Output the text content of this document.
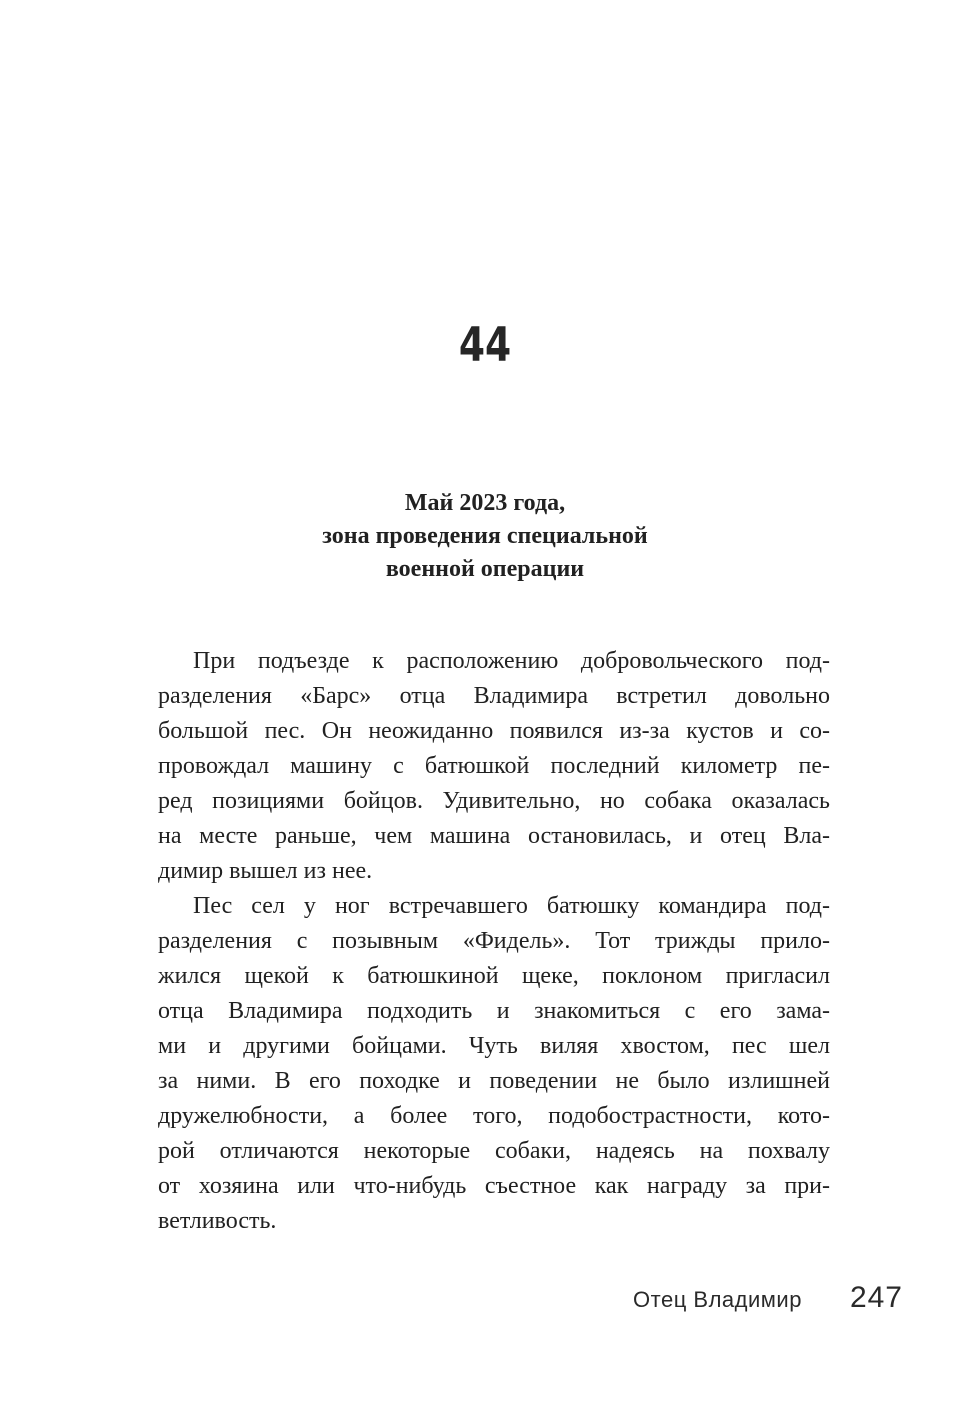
44
Май 2023 года,
зона проведения специальной
военной операции
При подъезде к расположению добровольческого под-
разделения «Барс» отца Владимира встретил довольно
большой пес. Он неожиданно появился из-за кустов и со-
провождал машину с батюшкой последний километр пе-
ред позициями бойцов. Удивительно, но собака оказалась
на месте раньше, чем машина остановилась, и отец Вла-
димир вышел из нее.
Пес сел у ног встречавшего батюшку командира под-
разделения с позывным «Фидель». Тот трижды прило-
жился щекой к батюшкиной щеке, поклоном пригласил
отца Владимира подходить и знакомиться с его зама-
ми и другими бойцами. Чуть виляя хвостом, пес шел
за ними. В его походке и поведении не было излишней
дружелюбности, а более того, подобострастности, кото-
рой отличаются некоторые собаки, надеясь на похвалу
от хозяина или что-нибудь съестное как награду за при-
ветливость.
Отец Владимир 247
